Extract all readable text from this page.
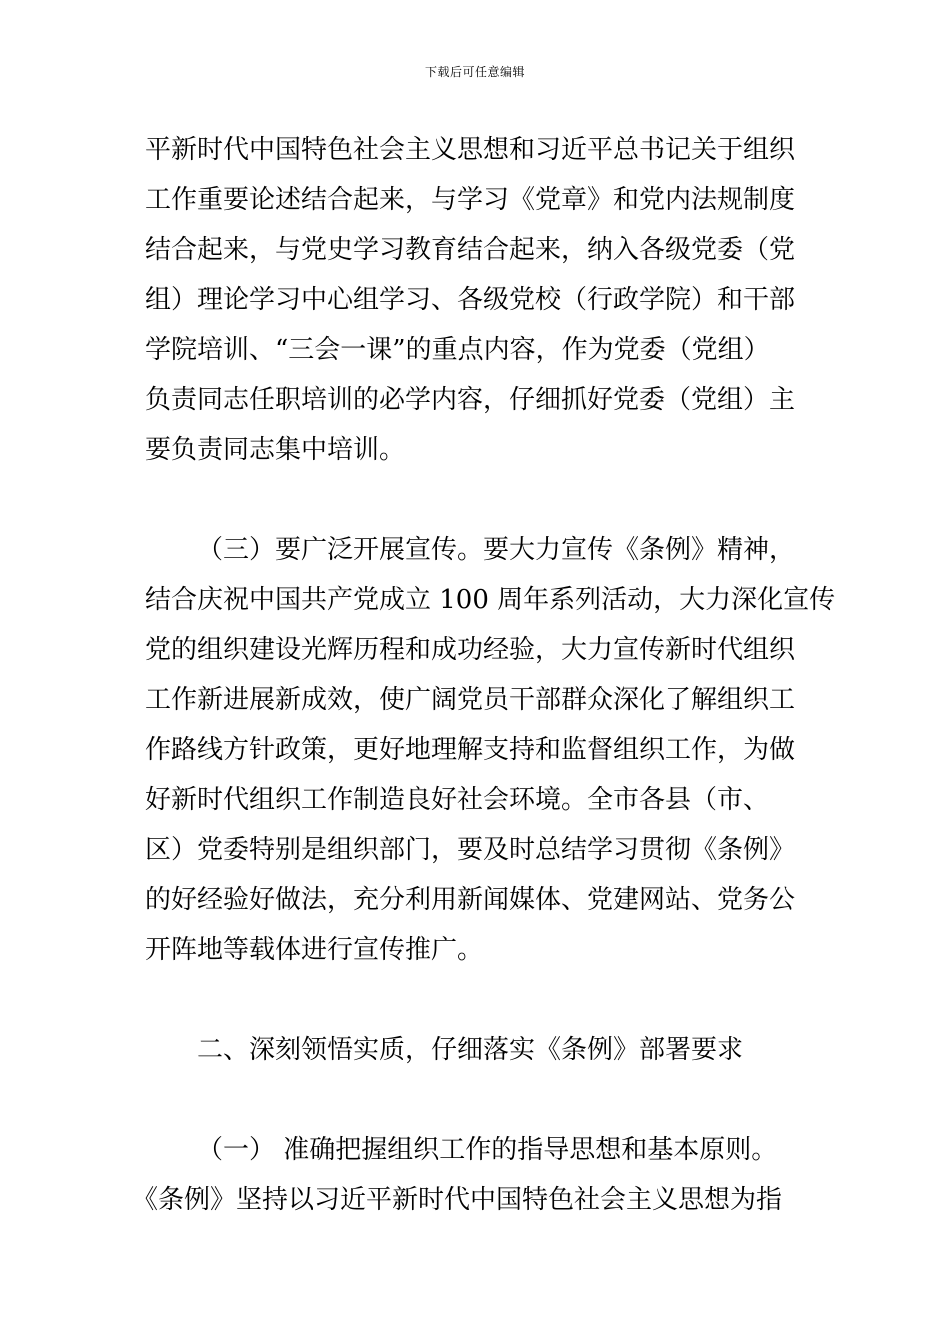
下载后可任意编辑
平新时代中国特色社会主义思想和习近平总书记关于组织
工作重要论述结合起来，与学习《党章》和党内法规制度
结合起来，与党史学习教育结合起来，纳入各级党委（党
组）理论学习中心组学习、各级党校（行政学院）和干部
学院培训、“三会一课”的重点内容，作为党委（党组）
负责同志任职培训的必学内容，仔细抓好党委（党组）主
要负责同志集中培训。
（三）要广泛开展宣传。要大力宣传《条例》精神，
结合庆祝中国共产党成立 100 周年系列活动，大力深化宣传
党的组织建设光辉历程和成功经验，大力宣传新时代组织
工作新进展新成效，使广阔党员干部群众深化了解组织工
作路线方针政策，更好地理解支持和监督组织工作，为做
好新时代组织工作制造良好社会环境。全市各县（市、
区）党委特别是组织部门，要及时总结学习贯彻《条例》
的好经验好做法，充分利用新闻媒体、党建网站、党务公
开阵地等载体进行宣传推广。
二、深刻领悟实质，仔细落实《条例》部署要求
（一） 准确把握组织工作的指导思想和基本原则。
《条例》坚持以习近平新时代中国特色社会主义思想为指
